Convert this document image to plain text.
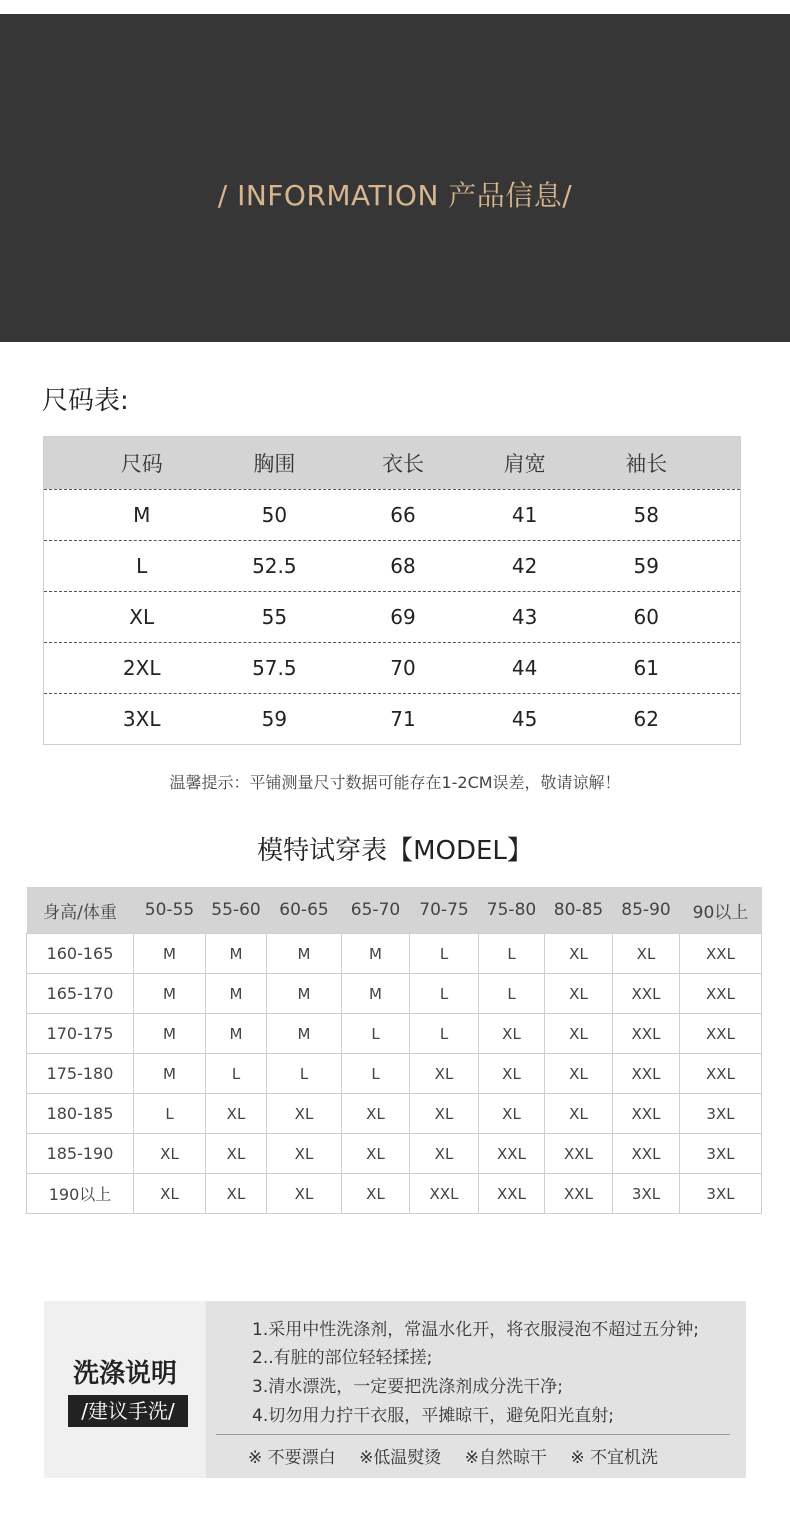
/ INFORMATION 产品信息/
尺码表:
尺码	胸围	衣长	肩宽	袖长
M	50	66	41	58
L	52.5	68	42	59
XL	55	69	43	60
2XL	57.5	70	44	61
3XL	59	71	45	62
温馨提示：平铺测量尺寸数据可能存在1-2CM误差，敬请谅解！
模特试穿表【MODEL】
身高/体重	50-55	55-60	60-65	65-70	70-75	75-80	80-85	85-90	90以上
160-165	M	M	M	M	L	L	XL	XL	XXL
165-170	M	M	M	M	L	L	XL	XXL	XXL
170-175	M	M	M	L	L	XL	XL	XXL	XXL
175-180	M	L	L	L	XL	XL	XL	XXL	XXL
180-185	L	XL	XL	XL	XL	XL	XL	XXL	3XL
185-190	XL	XL	XL	XL	XL	XXL	XXL	XXL	3XL
190以上	XL	XL	XL	XL	XXL	XXL	XXL	3XL	3XL
洗涤说明
/建议手洗/
1.采用中性洗涤剂，常温水化开，将衣服浸泡不超过五分钟;
2..有脏的部位轻轻揉搓;
3.清水漂洗，一定要把洗涤剂成分洗干净;
4.切勿用力拧干衣服，平摊晾干，避免阳光直射;
※ 不要漂白 ※低温熨烫 ※自然晾干 ※ 不宜机洗
